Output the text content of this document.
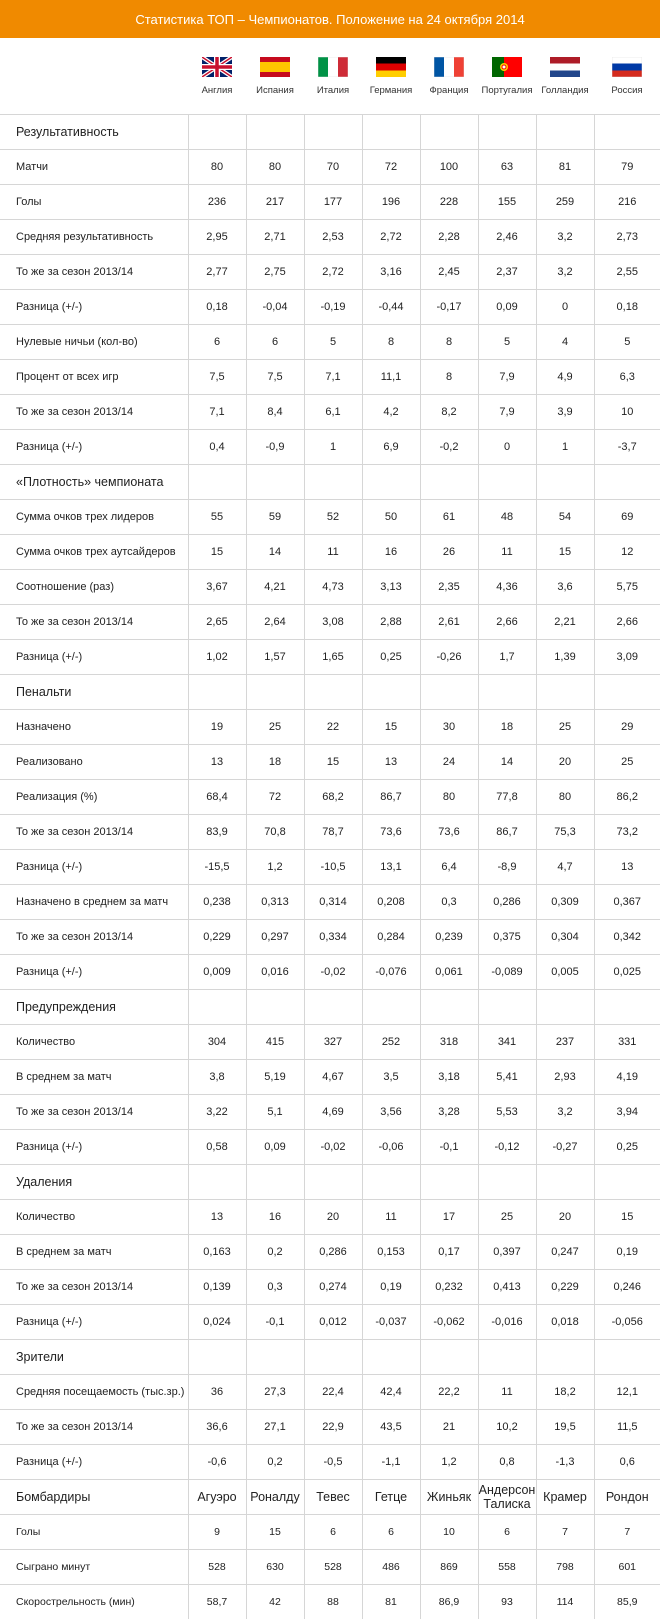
Статистика ТОП – Чемпионатов. Положение на 24 октября 2014

	Англия	Испания	Италия	Германия	Франция	Португалия	Голландия	Россия

Результативность								
Матчи	80	80	70	72	100	63	81	79
Голы	236	217	177	196	228	155	259	216
Средняя результативность	2,95	2,71	2,53	2,72	2,28	2,46	3,2	2,73
То же за сезон 2013/14	2,77	2,75	2,72	3,16	2,45	2,37	3,2	2,55
Разница (+/-)	0,18	-0,04	-0,19	-0,44	-0,17	0,09	0	0,18
Нулевые ничьи (кол-во)	6	6	5	8	8	5	4	5
Процент от всех игр	7,5	7,5	7,1	11,1	8	7,9	4,9	6,3
То же за сезон 2013/14	7,1	8,4	6,1	4,2	8,2	7,9	3,9	10
Разница (+/-)	0,4	-0,9	1	6,9	-0,2	0	1	-3,7
«Плотность» чемпионата								
Сумма очков трех лидеров	55	59	52	50	61	48	54	69
Сумма очков трех аутсайдеров	15	14	11	16	26	11	15	12
Соотношение (раз)	3,67	4,21	4,73	3,13	2,35	4,36	3,6	5,75
То же за сезон 2013/14	2,65	2,64	3,08	2,88	2,61	2,66	2,21	2,66
Разница (+/-)	1,02	1,57	1,65	0,25	-0,26	1,7	1,39	3,09
Пенальти								
Назначено	19	25	22	15	30	18	25	29
Реализовано	13	18	15	13	24	14	20	25
Реализация (%)	68,4	72	68,2	86,7	80	77,8	80	86,2
То же за сезон 2013/14	83,9	70,8	78,7	73,6	73,6	86,7	75,3	73,2
Разница (+/-)	-15,5	1,2	-10,5	13,1	6,4	-8,9	4,7	13
Назначено в среднем за матч	0,238	0,313	0,314	0,208	0,3	0,286	0,309	0,367
То же за сезон 2013/14	0,229	0,297	0,334	0,284	0,239	0,375	0,304	0,342
Разница (+/-)	0,009	0,016	-0,02	-0,076	0,061	-0,089	0,005	0,025
Предупреждения								
Количество	304	415	327	252	318	341	237	331
В среднем за матч	3,8	5,19	4,67	3,5	3,18	5,41	2,93	4,19
То же за сезон 2013/14	3,22	5,1	4,69	3,56	3,28	5,53	3,2	3,94
Разница (+/-)	0,58	0,09	-0,02	-0,06	-0,1	-0,12	-0,27	0,25
Удаления								
Количество	13	16	20	11	17	25	20	15
В среднем за матч	0,163	0,2	0,286	0,153	0,17	0,397	0,247	0,19
То же за сезон 2013/14	0,139	0,3	0,274	0,19	0,232	0,413	0,229	0,246
Разница (+/-)	0,024	-0,1	0,012	-0,037	-0,062	-0,016	0,018	-0,056
Зрители								
Средняя посещаемость (тыс.зр.)	36	27,3	22,4	42,4	22,2	11	18,2	12,1
То же за сезон 2013/14	36,6	27,1	22,9	43,5	21	10,2	19,5	11,5
Разница (+/-)	-0,6	0,2	-0,5	-1,1	1,2	0,8	-1,3	0,6
Бомбардиры	Агуэро	Роналду	Тевес	Гетце	Жиньяк	Андерсон Талиска	Крамер	Рондон
Голы	9	15	6	6	10	6	7	7
Сыграно минут	528	630	528	486	869	558	798	601
Скорострельность (мин)	58,7	42	88	81	86,9	93	114	85,9
